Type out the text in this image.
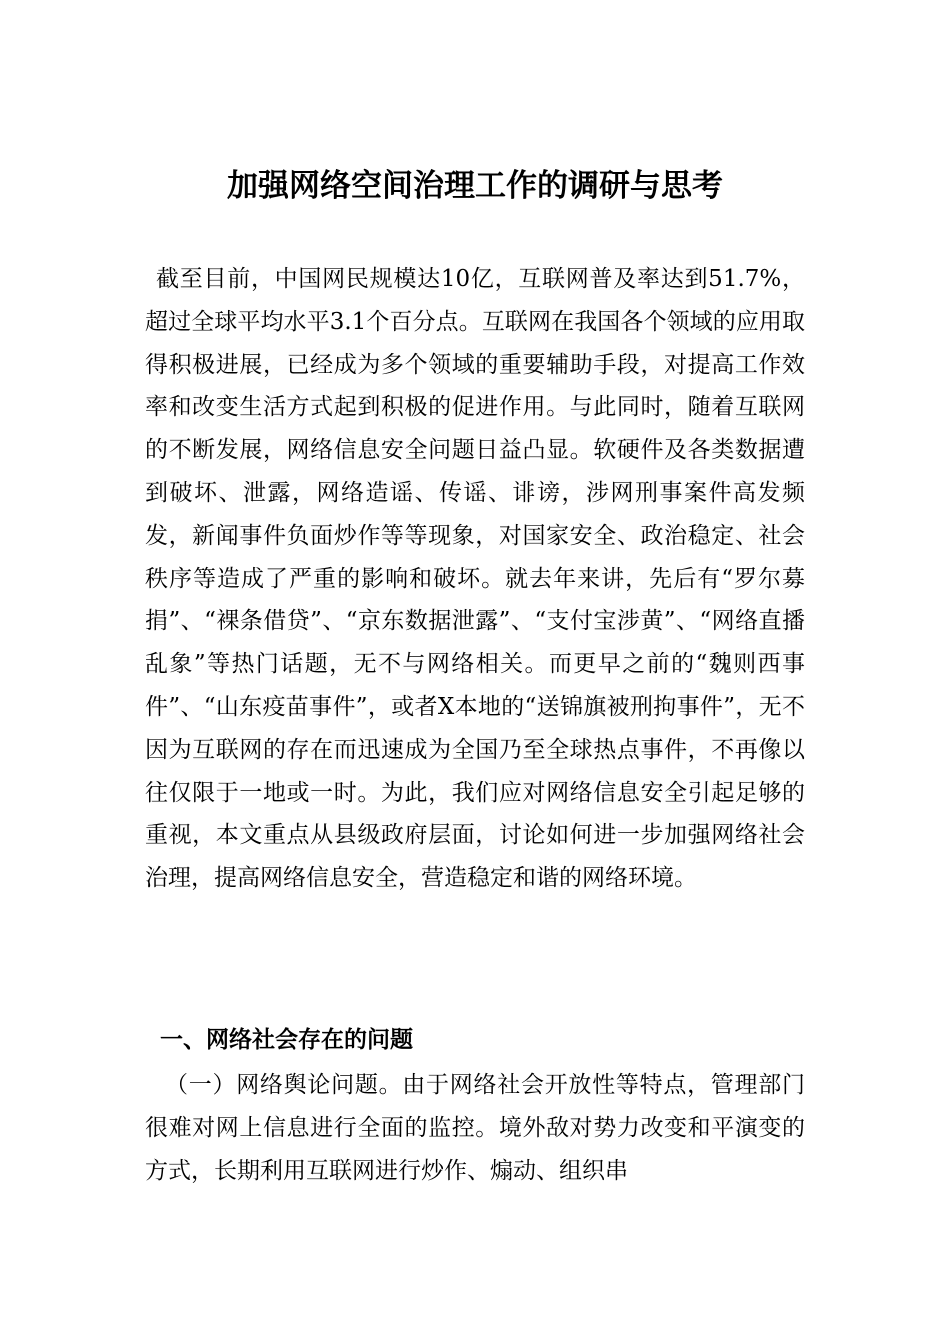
加强网络空间治理工作的调研与思考

截至目前，中国网民规模达10亿，互联网普及率达到51.7%，超过全球平均水平3.1个百分点。互联网在我国各个领域的应用取得积极进展，已经成为多个领域的重要辅助手段，对提高工作效率和改变生活方式起到积极的促进作用。与此同时，随着互联网的不断发展，网络信息安全问题日益凸显。软硬件及各类数据遭到破坏、泄露，网络造谣、传谣、诽谤，涉网刑事案件高发频发，新闻事件负面炒作等等现象，对国家安全、政治稳定、社会秩序等造成了严重的影响和破坏。就去年来讲，先后有“罗尔募捐”、“裸条借贷”、“京东数据泄露”、“支付宝涉黄”、“网络直播乱象”等热门话题，无不与网络相关。而更早之前的“魏则西事件”、“山东疫苗事件”，或者X本地的“送锦旗被刑拘事件”，无不因为互联网的存在而迅速成为全国乃至全球热点事件，不再像以往仅限于一地或一时。为此，我们应对网络信息安全引起足够的重视，本文重点从县级政府层面，讨论如何进一步加强网络社会治理，提高网络信息安全，营造稳定和谐的网络环境。

一、网络社会存在的问题

（一）网络舆论问题。由于网络社会开放性等特点，管理部门很难对网上信息进行全面的监控。境外敌对势力改变和平演变的方式，长期利用互联网进行炒作、煽动、组织串
